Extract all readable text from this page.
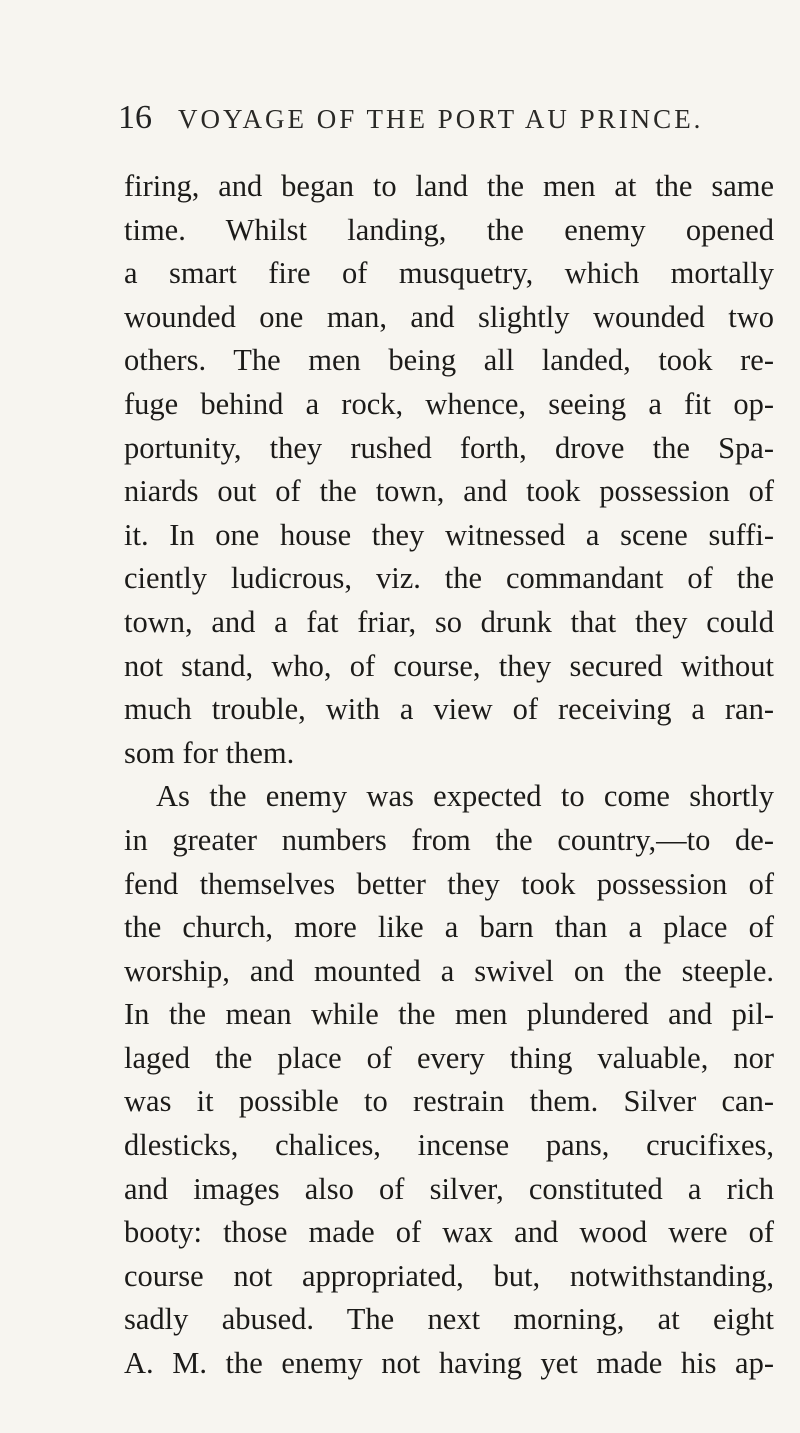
16 VOYAGE OF THE PORT AU PRINCE.
firing, and began to land the men at the same
time. Whilst landing, the enemy opened
a smart fire of musquetry, which mortally
wounded one man, and slightly wounded two
others. The men being all landed, took re-
fuge behind a rock, whence, seeing a fit op-
portunity, they rushed forth, drove the Spa-
niards out of the town, and took possession of
it. In one house they witnessed a scene suffi-
ciently ludicrous, viz. the commandant of the
town, and a fat friar, so drunk that they could
not stand, who, of course, they secured without
much trouble, with a view of receiving a ran-
som for them.
As the enemy was expected to come shortly
in greater numbers from the country,—to de-
fend themselves better they took possession of
the church, more like a barn than a place of
worship, and mounted a swivel on the steeple.
In the mean while the men plundered and pil-
laged the place of every thing valuable, nor
was it possible to restrain them. Silver can-
dlesticks, chalices, incense pans, crucifixes,
and images also of silver, constituted a rich
booty: those made of wax and wood were of
course not appropriated, but, notwithstanding,
sadly abused. The next morning, at eight
A. M. the enemy not having yet made his ap-
